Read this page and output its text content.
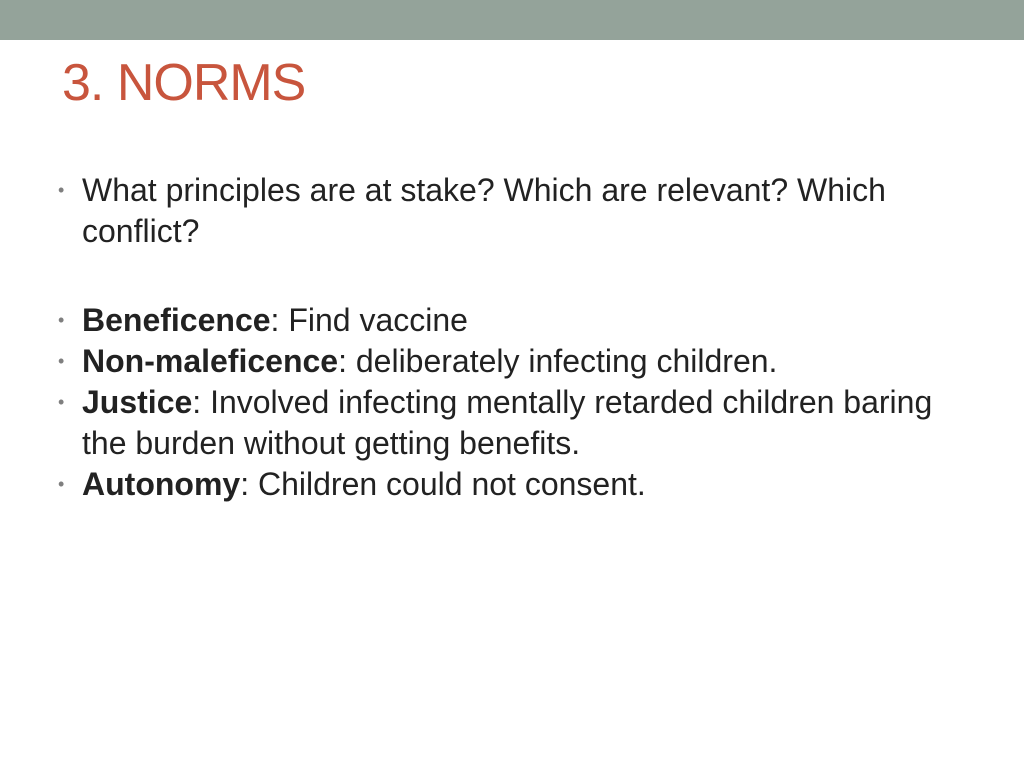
3. NORMS
• What principles are at stake? Which are relevant? Which conflict?
• Beneficence: Find vaccine
• Non-maleficence: deliberately infecting children.
• Justice: Involved infecting mentally retarded children baring the burden without getting benefits.
• Autonomy: Children could not consent.
